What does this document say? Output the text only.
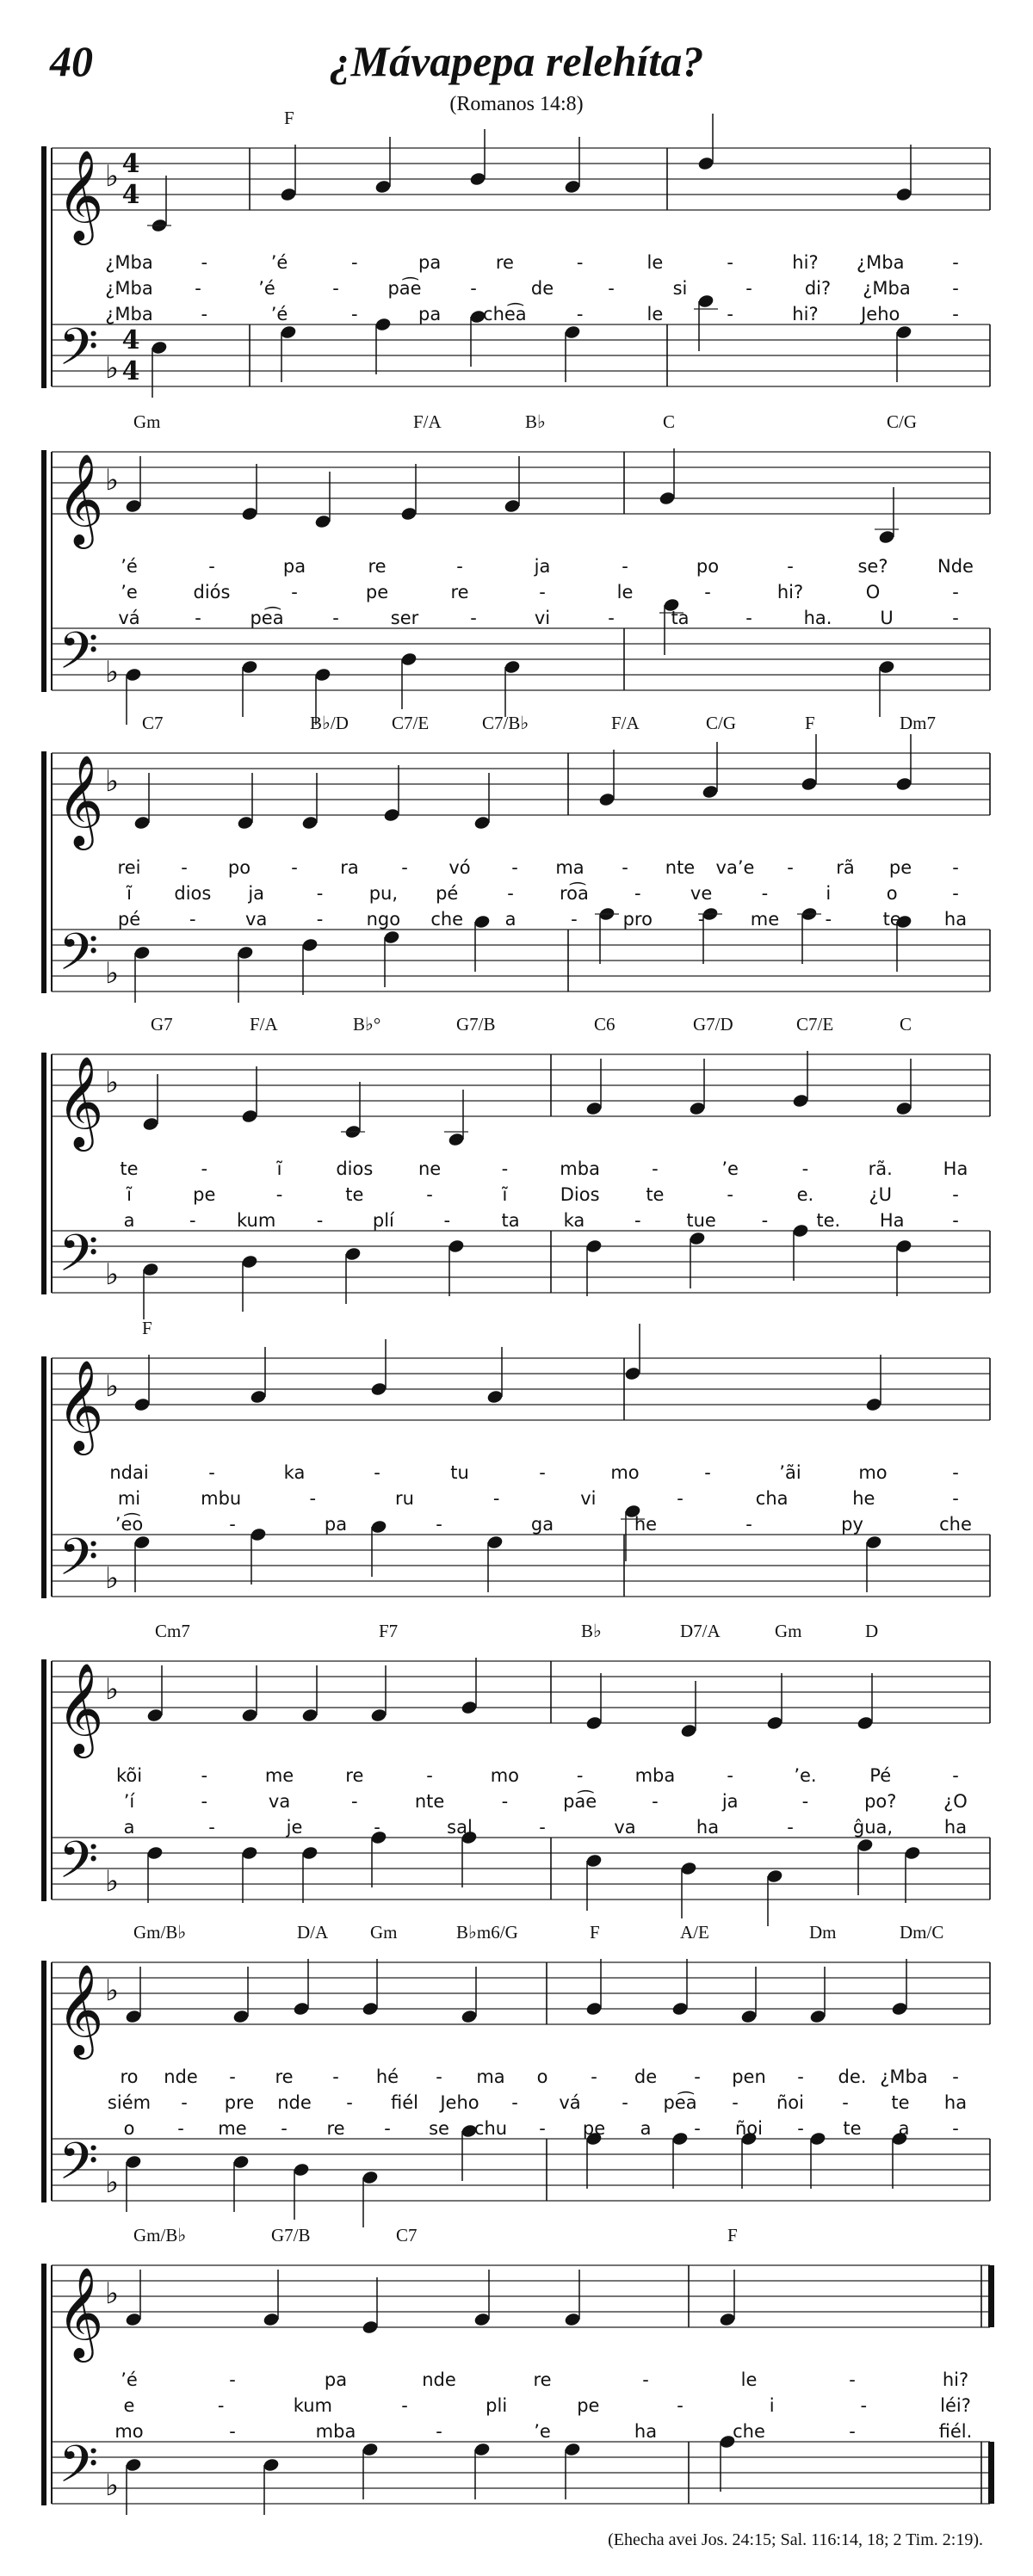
40	¿Mávapepa relehíta?
(Romanos 14:8)
𝄞
𝄢
♭
♭
4
4
4
4
F
¿Mba	-	’é	-	pa	re	-	le	-	hi? ¿Mba	-
¿Mba -	’é	-	pa͡e	-	de	-	si	-	di? ¿Mba -
¿Mba	-	’é	-	pa che͡a	-	le	-	hi? Jeho	-
𝄞
𝄢
♭
♭
Gm	F/A	B♭	C	C/G
’é	-	pa	re	-	ja	-	po	-	se?	Nde
’e	diós	-	pe	re	-	le	-	hi?	O	-
vá	-	pe͡a	-	ser	-	vi	-	ta	-	ha.	U	-
𝄞
𝄢
♭
♭
C7	B♭/D C7/E	C7/B♭	F/A	C/G	F	Dm7
rei - po - ra - vó - ma - nte va’e - rã pe -
ĩ dios ja	-	pu, pé	-	ro͡a	-	ve	-	i	o	-
pé	-	va	- ngo che a	-	pro	-	me	-	te ha
𝄞
𝄢
♭
♭
G7	F/A	B♭°	G7/B	C6	G7/D	C7/E	C
te	-	ĩ	dios	ne	-	mba	-	’e	-	rã.	Ha
ĩ	pe	-	te	-	ĩ	Dios	te	-	e.	¿U	-
a	- kum -	plí	-	ta ka	-	tue	-	te. Ha	-
𝄞
𝄢
♭
♭
F
ndai	-	ka	-	tu	-	mo	-	’ãi	mo	-
mi	mbu	-	ru	-	vi	-	cha	he	-
’e͡o	-	pa	-	ga	he	-	py	che
𝄞
𝄢
♭
♭
Cm7	F7	B♭	D7/A	Gm	D
kõi	-	me	re	-	mo	-	mba	-	’e.	Pé	-
’í	-	va	-	nte	-	pa͡e	-	ja	-	po?	¿O
a	-	je	-	sal	-	va	ha	-	ĝua,	ha
𝄞
𝄢
♭
♭
Gm/B♭	D/A Gm	B♭m6/G	F	A/E	Dm	Dm/C
ro nde - re - hé - ma o - de - pen - de. ¿Mba -
siém - pre nde - fiél Jeho - vá - pe͡a - ñoi - te ha
o - me - re - se chu - pe a - ñoi - te a -
𝄞
𝄢
♭
♭
Gm/B♭	G7/B	C7	F
’é	-	pa	nde	re	-	le	-	hi?
e	-	kum	-	pli	pe	-	i	-	léi?
mo	-	mba	-	’e	ha	che	-	fiél.
(Ehecha avei Jos. 24:15; Sal. 116:14, 18; 2 Tim. 2:19).
